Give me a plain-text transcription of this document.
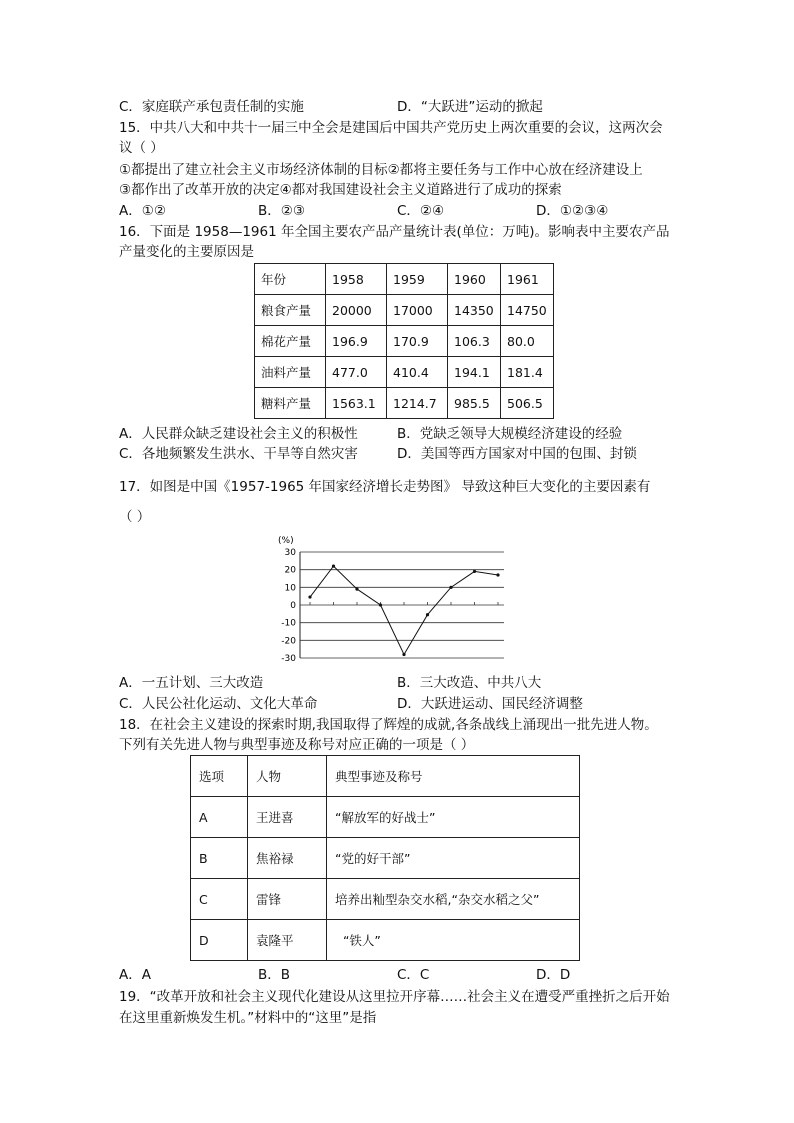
C．家庭联产承包责任制的实施	D．“大跃进”运动的掀起
15．中共八大和中共十一届三中全会是建国后中国共产党历史上两次重要的会议，这两次会
议（ ）
①都提出了建立社会主义市场经济体制的目标②都将主要任务与工作中心放在经济建设上
③都作出了改革开放的决定④都对我国建设社会主义道路进行了成功的探索
A．①②	B．②③	C．②④	D．①②③④
16．下面是 1958—1961 年全国主要农产品产量统计表(单位：万吨)。影响表中主要农产品
产量变化的主要原因是
年份	1958	1959	1960	1961
粮食产量	20000	17000	14350	14750
棉花产量	196.9	170.9	106.3	80.0
油料产量	477.0	410.4	194.1	181.4
糖料产量	1563.1	1214.7	985.5	506.5
A．人民群众缺乏建设社会主义的积极性	B．党缺乏领导大规模经济建设的经验
C．各地频繁发生洪水、干旱等自然灾害	D．美国等西方国家对中国的包围、封锁
17．如图是中国《1957-1965 年国家经济增长走势图》 导致这种巨大变化的主要因素有
（ ）
30
20
10
0
-10
-20
-30
(%)
A．一五计划、三大改造	B．三大改造、中共八大
C．人民公社化运动、文化大革命	D．大跃进运动、国民经济调整
18．在社会主义建设的探索时期,我国取得了辉煌的成就,各条战线上涌现出一批先进人物。
下列有关先进人物与典型事迹及称号对应正确的一项是（ ）
选项	人物	典型事迹及称号
A	王进喜	“解放军的好战士”
B	焦裕禄	“党的好干部”
C	雷锋	培养出籼型杂交水稻,“杂交水稻之父”
D	袁隆平	“铁人”
A．A	B．B	C．C	D．D
19．“改革开放和社会主义现代化建设从这里拉开序幕……社会主义在遭受严重挫折之后开始
在这里重新焕发生机。”材料中的“这里”是指
